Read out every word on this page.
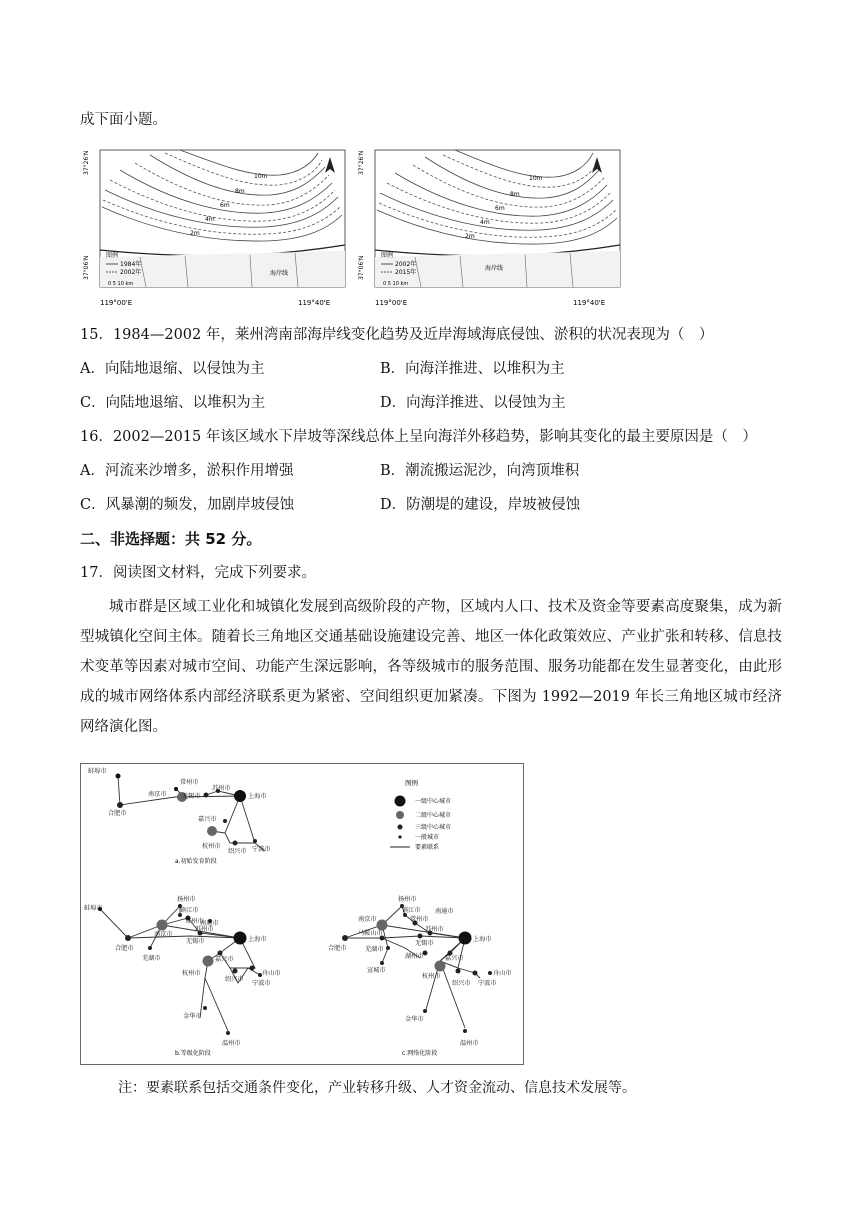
成下面小题。
10m
8m
6m
4m
2m
37°26'N
37°06'N
119°00'E	119°40'E
图例
1984年
2002年
0 5 10 km
海岸线
10m
8m
6m
4m
2m
37°26'N
37°06'N
119°00'E	119°40'E
图例
2002年
2015年
0 5 10 km
海岸线
15．1984—2002 年，莱州湾南部海岸线变化趋势及近岸海域海底侵蚀、淤积的状况表现为（　）
A．向陆地退缩、以侵蚀为主	B．向海洋推进、以堆积为主
C．向陆地退缩、以堆积为主	D．向海洋推进、以侵蚀为主
16．2002—2015 年该区域水下岸坡等深线总体上呈向海洋外移趋势，影响其变化的最主要原因是（　）
A．河流来沙增多，淤积作用增强	B．潮流搬运泥沙，向湾顶堆积
C．风暴潮的频发，加剧岸坡侵蚀	D．防潮堤的建设，岸坡被侵蚀
二、非选择题：共 52 分。
17．阅读图文材料，完成下列要求。
城市群是区域工业化和城镇化发展到高级阶段的产物，区域内人口、技术及资金等要素高度聚集，成为新型城镇化空间主体。随着长三角地区交通基础设施建设完善、地区一体化政策效应、产业扩张和转移、信息技术变革等因素对城市空间、功能产生深远影响，各等级城市的服务范围、服务功能都在发生显著变化，由此形成的城市网络体系内部经济联系更为紧密、空间组织更加紧凑。下图为 1992—2019 年长三角地区城市经济网络演化图。
蚌埠市
合肥市
常州市
南京市 无锡市
苏州市
上海市
嘉兴市
杭州市
绍兴市 宁波市
a.初始发育阶段
图例
一级中心城市
二级中心城市
三级中心城市
一般城市
要素联系
蚌埠市
合肥市
扬州市
镇江市
常州市
南京市
南通市
苏州市
无锡市	上海市
芜湖市	嘉兴市
杭州市	舟山市
绍兴市
宁波市
金华市
温州市
b.等级化阶段
合肥市
扬州市
镇江市
南京市	常州市
苏州市
南通市
马鞍山市
无锡市
上海市
芜湖市
湖州市	嘉兴市
宣城市
杭州市	舟山市
绍兴市 宁波市
金华市
温州市
c.网络化阶段
注：要素联系包括交通条件变化，产业转移升级、人才资金流动、信息技术发展等。
